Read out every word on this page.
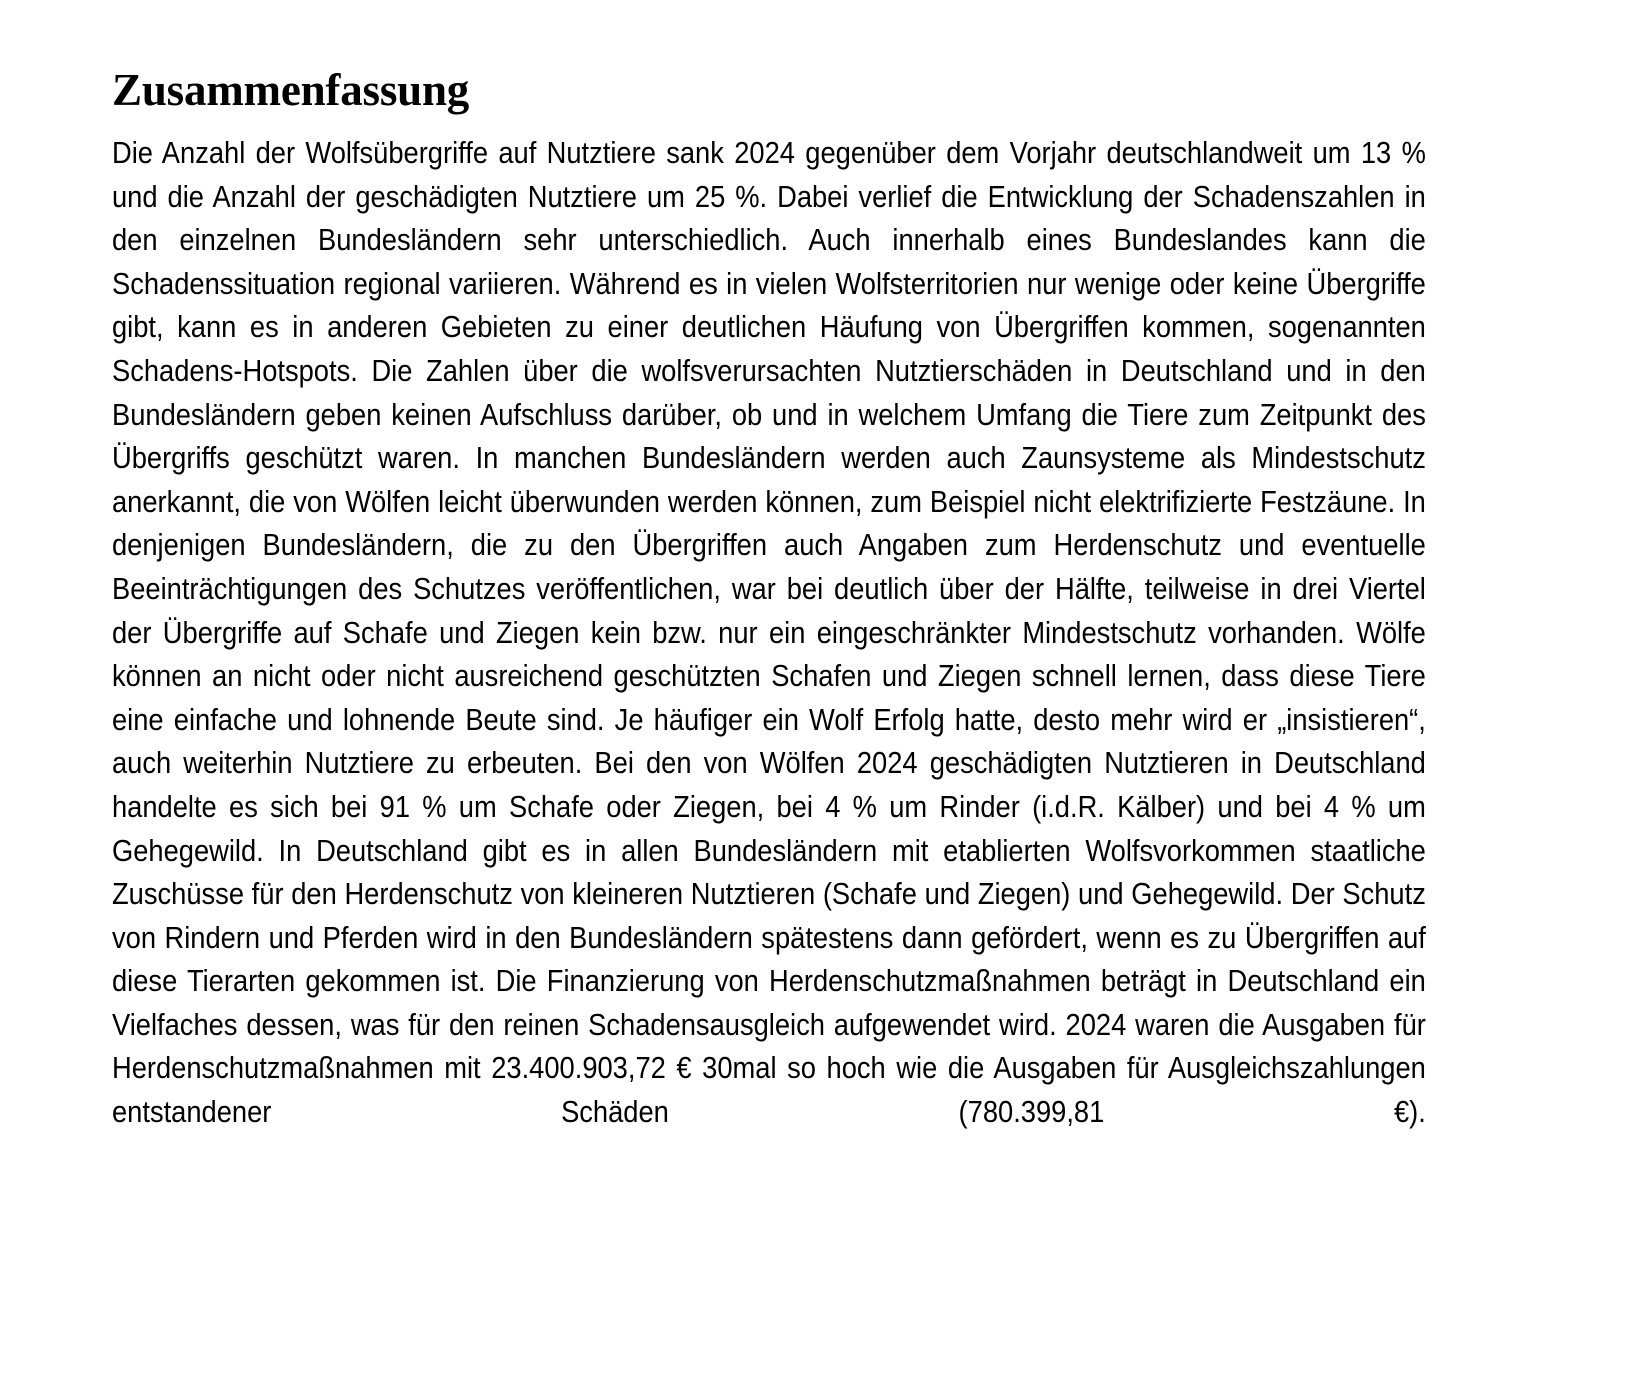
Zusammenfassung

Die Anzahl der Wolfsübergriffe auf Nutztiere sank 2024 gegenüber dem Vorjahr deutschlandweit um 13 % und die Anzahl der geschädigten Nutztiere um 25 %. Dabei verlief die Entwicklung der Schadenszahlen in den einzelnen Bundesländern sehr unterschiedlich. Auch innerhalb eines Bundeslandes kann die Schadenssituation regional variieren. Während es in vielen Wolfsterritorien nur wenige oder keine Übergriffe gibt, kann es in anderen Gebieten zu einer deutlichen Häufung von Übergriffen kommen, sogenannten Schadens-Hotspots. Die Zahlen über die wolfsverursachten Nutztierschäden in Deutschland und in den Bundesländern geben keinen Aufschluss darüber, ob und in welchem Umfang die Tiere zum Zeitpunkt des Übergriffs geschützt waren. In manchen Bundesländern werden auch Zaunsysteme als Mindestschutz anerkannt, die von Wölfen leicht überwunden werden können, zum Beispiel nicht elektrifizierte Festzäune. In denjenigen Bundesländern, die zu den Übergriffen auch Angaben zum Herdenschutz und eventuelle Beeinträchtigungen des Schutzes veröffentlichen, war bei deutlich über der Hälfte, teilweise in drei Viertel der Übergriffe auf Schafe und Ziegen kein bzw. nur ein eingeschränkter Mindestschutz vorhanden. Wölfe können an nicht oder nicht ausreichend geschützten Schafen und Ziegen schnell lernen, dass diese Tiere eine einfache und lohnende Beute sind. Je häufiger ein Wolf Erfolg hatte, desto mehr wird er „insistieren“, auch weiterhin Nutztiere zu erbeuten. Bei den von Wölfen 2024 geschädigten Nutztieren in Deutschland handelte es sich bei 91 % um Schafe oder Ziegen, bei 4 % um Rinder (i.d.R. Kälber) und bei 4 % um Gehegewild. In Deutschland gibt es in allen Bundesländern mit etablierten Wolfsvorkommen staatliche Zuschüsse für den Herdenschutz von kleineren Nutztieren (Schafe und Ziegen) und Gehegewild. Der Schutz von Rindern und Pferden wird in den Bundesländern spätestens dann gefördert, wenn es zu Übergriffen auf diese Tierarten gekommen ist. Die Finanzierung von Herdenschutzmaßnahmen beträgt in Deutschland ein Vielfaches dessen, was für den reinen Schadensausgleich aufgewendet wird. 2024 waren die Ausgaben für Herdenschutzmaßnahmen mit 23.400.903,72 € 30mal so hoch wie die Ausgaben für Ausgleichszahlungen entstandener Schäden (780.399,81 €).
